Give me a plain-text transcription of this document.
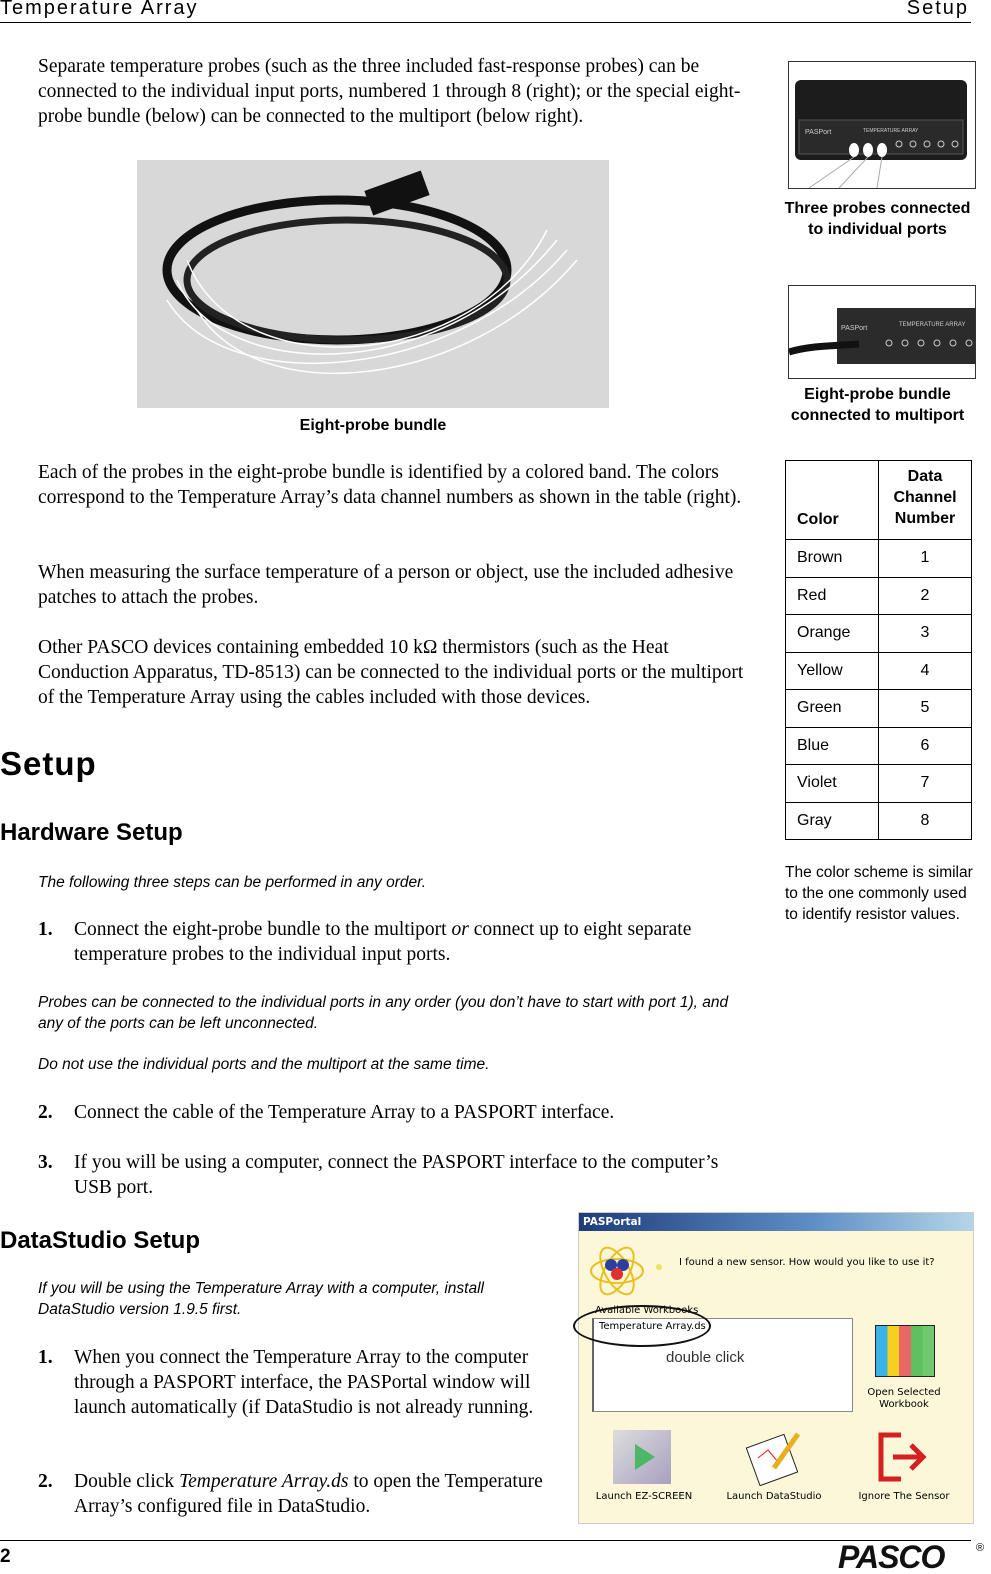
Temperature Array	Setup
Separate temperature probes (such as the three included fast-response probes) can be connected to the individual input ports, numbered 1 through 8 (right); or the special eight-probe bundle (below) can be connected to the multiport (below right).
Eight-probe bundle
PASPort	TEMPERATURE ARRAY
Three probes connected to individual ports
PASPort	TEMPERATURE ARRAY
Eight-probe bundle connected to multiport
Each of the probes in the eight-probe bundle is identified by a colored band. The colors correspond to the Temperature Array’s data channel numbers as shown in the table (right).
When measuring the surface temperature of a person or object, use the included adhesive patches to attach the probes.
Other PASCO devices containing embedded 10 kΩ thermistors (such as the Heat Conduction Apparatus, TD-8513) can be connected to the individual ports or the multiport of the Temperature Array using the cables included with those devices.
Color	Data Channel Number
Brown	1
Red	2
Orange	3
Yellow	4
Green	5
Blue	6
Violet	7
Gray	8
The color scheme is similar to the one commonly used to identify resistor values.
Setup
Hardware Setup
The following three steps can be performed in any order.
1. Connect the eight-probe bundle to the multiport or connect up to eight separate temperature probes to the individual input ports.
Probes can be connected to the individual ports in any order (you don’t have to start with port 1), and any of the ports can be left unconnected.
Do not use the individual ports and the multiport at the same time.
2. Connect the cable of the Temperature Array to a PASPORT interface.
3. If you will be using a computer, connect the PASPORT interface to the computer’s USB port.
DataStudio Setup
If you will be using the Temperature Array with a computer, install DataStudio version 1.9.5 first.
1. When you connect the Temperature Array to the computer through a PASPORT interface, the PASPortal window will launch automatically (if DataStudio is not already running.
2. Double click Temperature Array.ds to open the Temperature Array’s configured file in DataStudio.
PASPortal
I found a new sensor. How would you like to use it?
Available Workbooks
Temperature Array.ds
double click
Open Selected Workbook
Launch EZ-SCREEN	Launch DataStudio	Ignore The Sensor
2	PASCO	®
